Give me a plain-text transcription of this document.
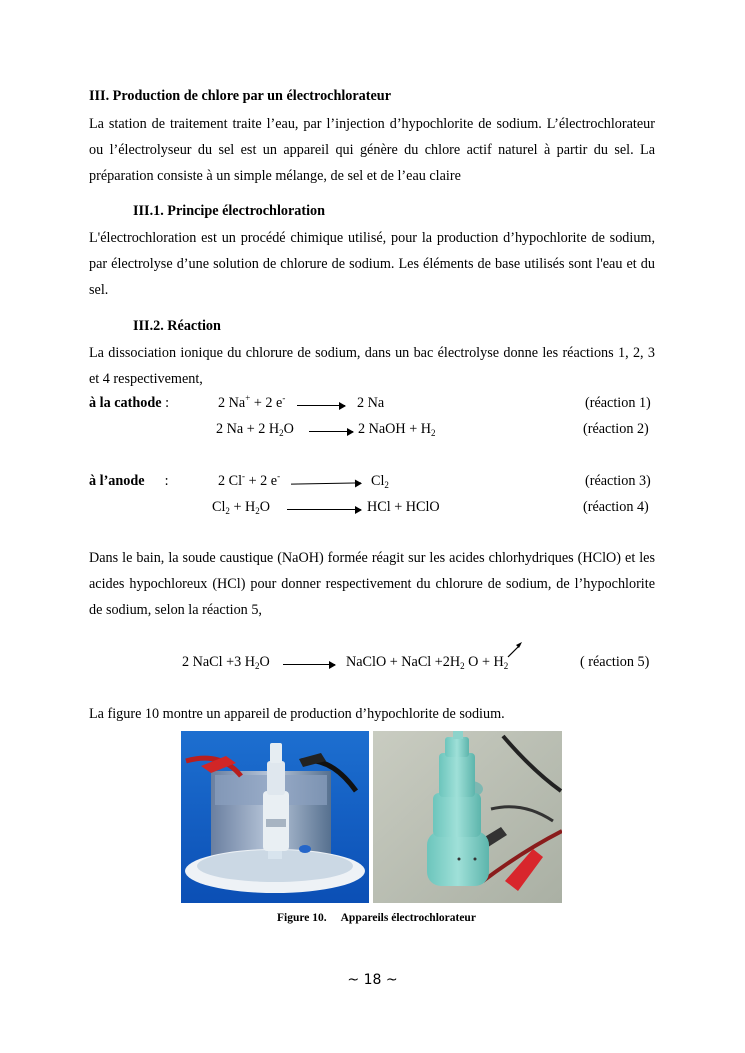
III. Production de chlore par un électrochlorateur
La station de traitement traite l’eau, par l’injection d’hypochlorite de sodium. L’électrochlorateur ou l’électrolyseur du sel est un appareil qui génère du chlore actif naturel à partir du sel. La préparation consiste à un simple mélange, de sel et de l’eau claire
III.1. Principe électrochloration
L'électrochloration est un procédé chimique utilisé, pour la production d’hypochlorite de sodium, par électrolyse d’une solution de chlorure de sodium. Les éléments de base utilisés sont l'eau et du sel.
III.2. Réaction
La dissociation ionique du chlorure de sodium, dans un bac électrolyse donne les réactions 1, 2, 3 et 4 respectivement,
à la cathode :	2 Na+ + 2 e- → 2 Na	(réaction 1)
2 Na + 2 $H_2O \to 2$ NaOH + $H_2$	(réaction 2)
à l’anode :	2 Cl- + 2 e-	$Cl_2$	(réaction 3)
$Cl_2 + H_2O$	HCl + HClO	(réaction 4)
Dans le bain, la soude caustique (NaOH) formée réagit sur les acides chlorhydriques (HClO) et les acides hypochloreux (HCl) pour donner respectivement du chlorure de sodium, de l’hypochlorite de sodium, selon la réaction 5,
2 NaCl +3 $H_2O$ → NaClO + NaCl $+2H_2$ $O + H_2$	( réaction 5)
La figure 10 montre un appareil de production d’hypochlorite de sodium.
Figure 10. Appareils électrochlorateur
~ 18 ~
